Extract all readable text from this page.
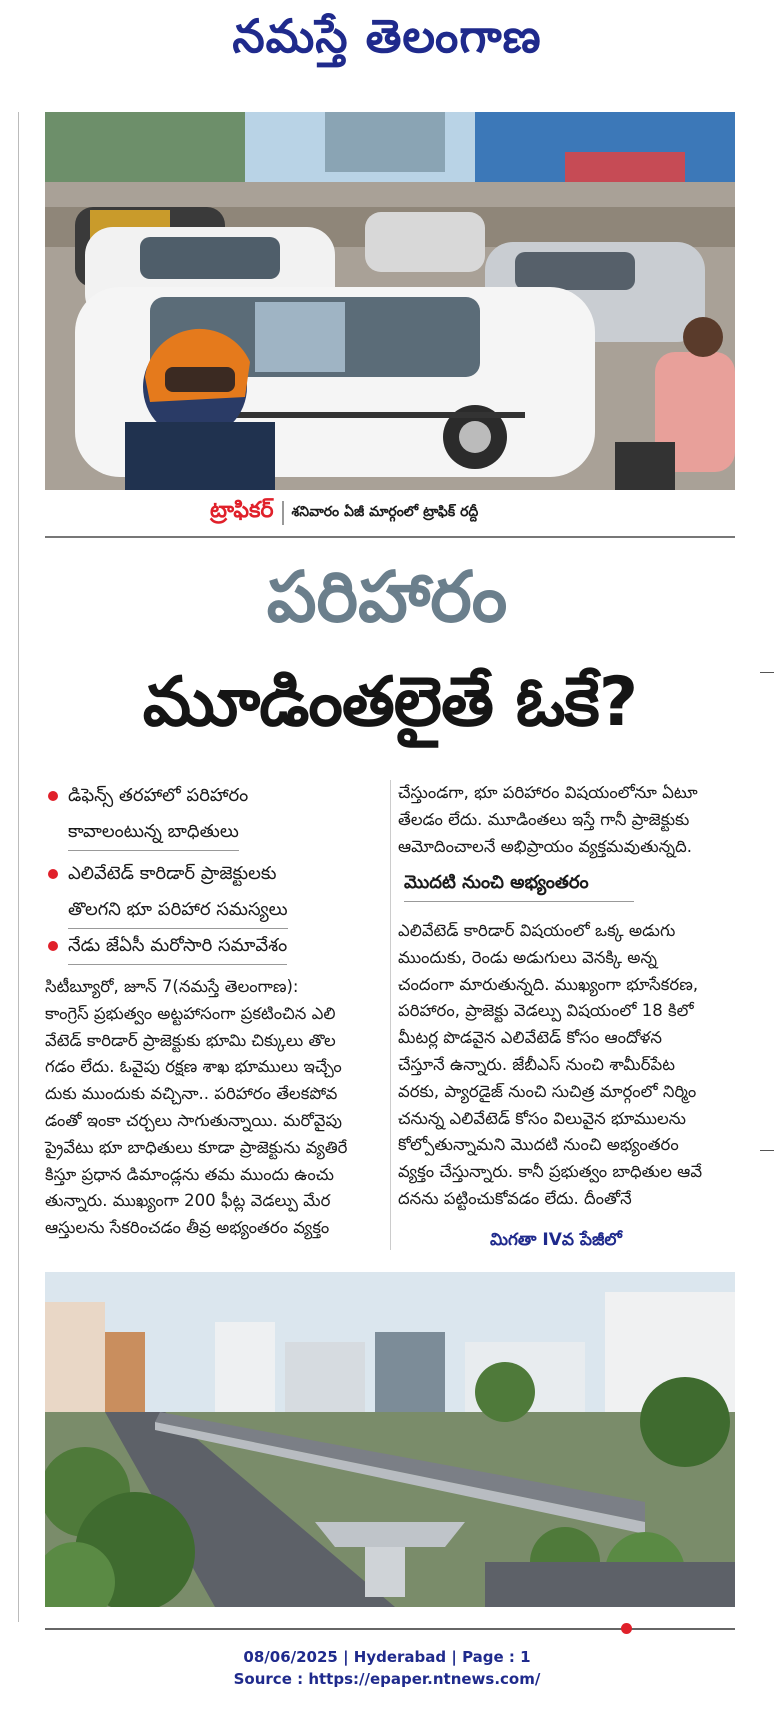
నమస్తే తెలంగాణ
ట్రాఫికర్ శనివారం ఏజీ మార్గంలో ట్రాఫిక్ రద్దీ
పరిహారం
మూడింతలైతే ఓకే?
డిఫెన్స్ తరహాలో పరిహారం
కావాలంటున్న బాధితులు
ఎలివేటెడ్ కారిడార్ ప్రాజెక్టులకు
తొలగని భూ పరిహార సమస్యలు
నేడు జేఏసీ మరోసారి సమావేశం
సిటీబ్యూరో, జూన్ 7(నమస్తే తెలంగాణ):
కాంగ్రెస్ ప్రభుత్వం అట్టహాసంగా ప్రకటించిన ఎలి
వేటెడ్ కారిడార్ ప్రాజెక్టుకు భూమి చిక్కులు తొల
గడం లేదు. ఓవైపు రక్షణ శాఖ భూములు ఇచ్చేం
దుకు ముందుకు వచ్చినా.. పరిహారం తేలకపోవ
డంతో ఇంకా చర్చలు సాగుతున్నాయి. మరోవైపు
ప్రైవేటు భూ బాధితులు కూడా ప్రాజెక్టును వ్యతిరే
కిస్తూ ప్రధాన డిమాండ్లను తమ ముందు ఉంచు
తున్నారు. ముఖ్యంగా 200 ఫీట్ల వెడల్పు మేర
ఆస్తులను సేకరించడం తీవ్ర అభ్యంతరం వ్యక్తం
చేస్తుండగా, భూ పరిహారం విషయంలోనూ ఏటూ
తేలడం లేదు. మూడింతలు ఇస్తే గానీ ప్రాజెక్టుకు
ఆమోదించాలనే అభిప్రాయం వ్యక్తమవుతున్నది.
మొదటి నుంచి అభ్యంతరం
ఎలివేటెడ్ కారిడార్ విషయంలో ఒక్క అడుగు
ముందుకు, రెండు అడుగులు వెనక్కి అన్న
చందంగా మారుతున్నది. ముఖ్యంగా భూసేకరణ,
పరిహారం, ప్రాజెక్టు వెడల్పు విషయంలో 18 కిలో
మీటర్ల పొడవైన ఎలివేటెడ్ కోసం ఆందోళన
చేస్తూనే ఉన్నారు. జేబీఎస్ నుంచి శామీర్‌పేట
వరకు, ప్యారడైజ్ నుంచి సుచిత్ర మార్గంలో నిర్మిం
చనున్న ఎలివేటెడ్ కోసం విలువైన భూములను
కోల్పోతున్నామని మొదటి నుంచి అభ్యంతరం
వ్యక్తం చేస్తున్నారు. కానీ ప్రభుత్వం బాధితుల ఆవే
దనను పట్టించుకోవడం లేదు. దీంతోనే
మిగతా IVవ పేజీలో
08/06/2025 | Hyderabad | Page : 1
Source : https://epaper.ntnews.com/
